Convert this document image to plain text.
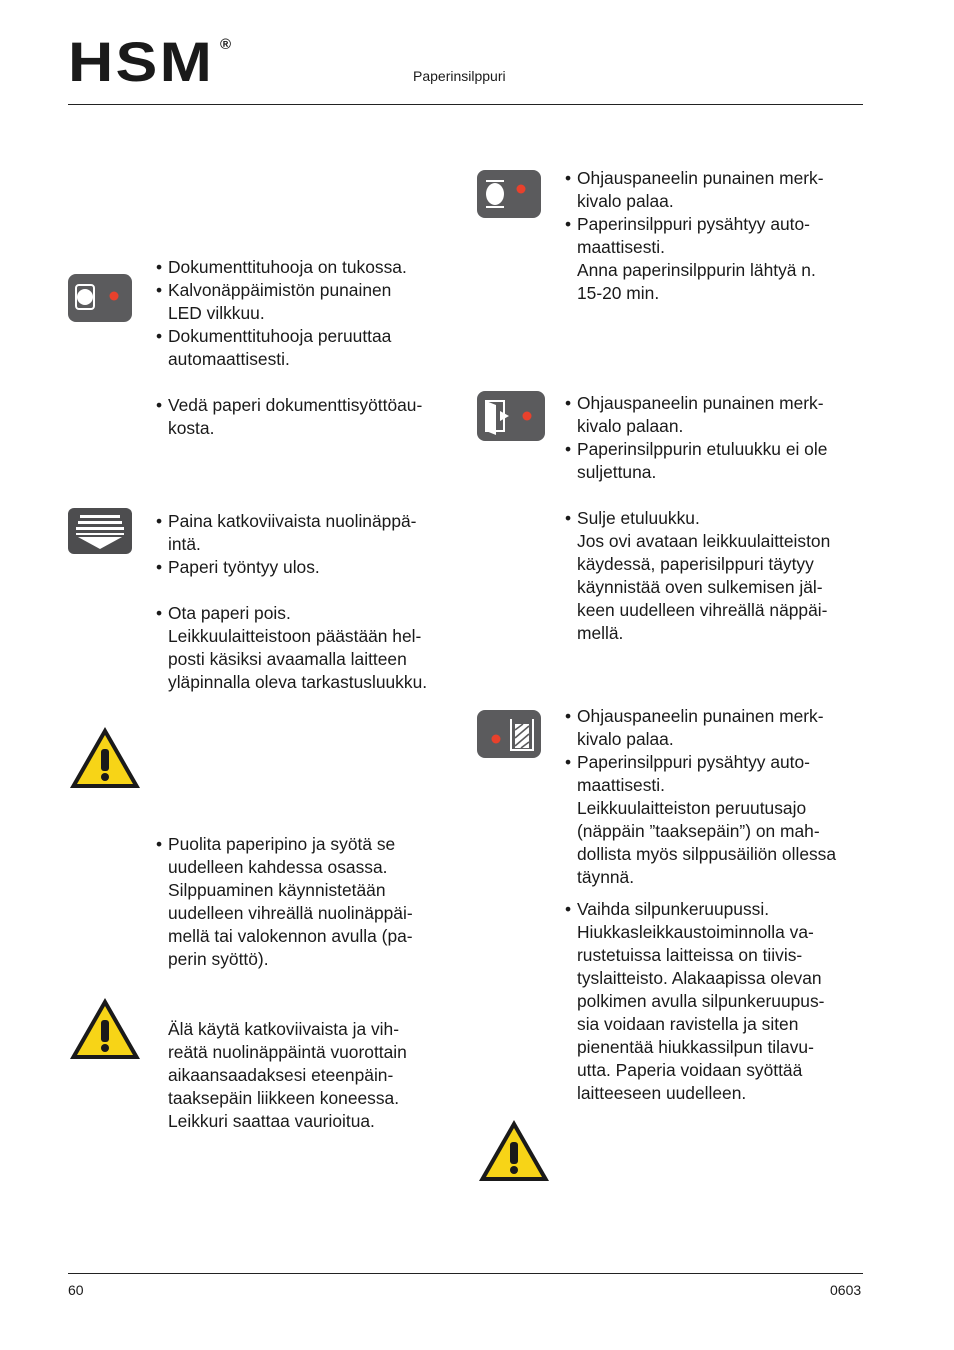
HSM ®
Paperinsilppuri
• Dokumenttituhooja on tukossa.
• Kalvonäppäimistön punainen
LED vilkkuu.
• Dokumenttituhooja peruuttaa
automaattisesti.
• Vedä paperi dokumenttisyöttöau-
kosta.
• Paina katkoviivaista nuolinäppä-
intä.
• Paperi työntyy ulos.
• Ota paperi pois.
Leikkuulaitteistoon päästään hel-
posti käsiksi avaamalla laitteen
yläpinnalla oleva tarkastusluukku.
• Puolita paperipino ja syötä se
uudelleen kahdessa osassa.
Silppuaminen käynnistetään
uudelleen vihreällä nuolinäppäi-
mellä tai valokennon avulla (pa-
perin syöttö).
Älä käytä katkoviivaista ja vih-
reätä nuolinäppäintä vuorottain
aikaansaadaksesi eteenpäin-
taaksepäin liikkeen koneessa.
Leikkuri saattaa vaurioitua.
• Ohjauspaneelin punainen merk-
kivalo palaa.
• Paperinsilppuri pysähtyy auto-
maattisesti.
Anna paperinsilppurin lähtyä n.
15-20 min.
• Ohjauspaneelin punainen merk-
kivalo palaan.
• Paperinsilppurin etuluukku ei ole
suljettuna.
• Sulje etuluukku.
Jos ovi avataan leikkuulaitteiston
käydessä, paperisilppuri täytyy
käynnistää oven sulkemisen jäl-
keen uudelleen vihreällä näppäi-
mellä.
• Ohjauspaneelin punainen merk-
kivalo palaa.
• Paperinsilppuri pysähtyy auto-
maattisesti.
Leikkuulaitteiston peruutusajo
(näppäin ”taaksepäin”) on mah-
dollista myös silppusäiliön ollessa
täynnä.
• Vaihda silpunkeruupussi.
Hiukkasleikkaustoiminnolla va-
rustetuissa laitteissa on tiivis-
tyslaitteisto. Alakaapissa olevan
polkimen avulla silpunkeruupus-
sia voidaan ravistella ja siten
pienentää hiukkassilpun tilavu-
utta. Paperia voidaan syöttää
laitteeseen uudelleen.
60	0603
